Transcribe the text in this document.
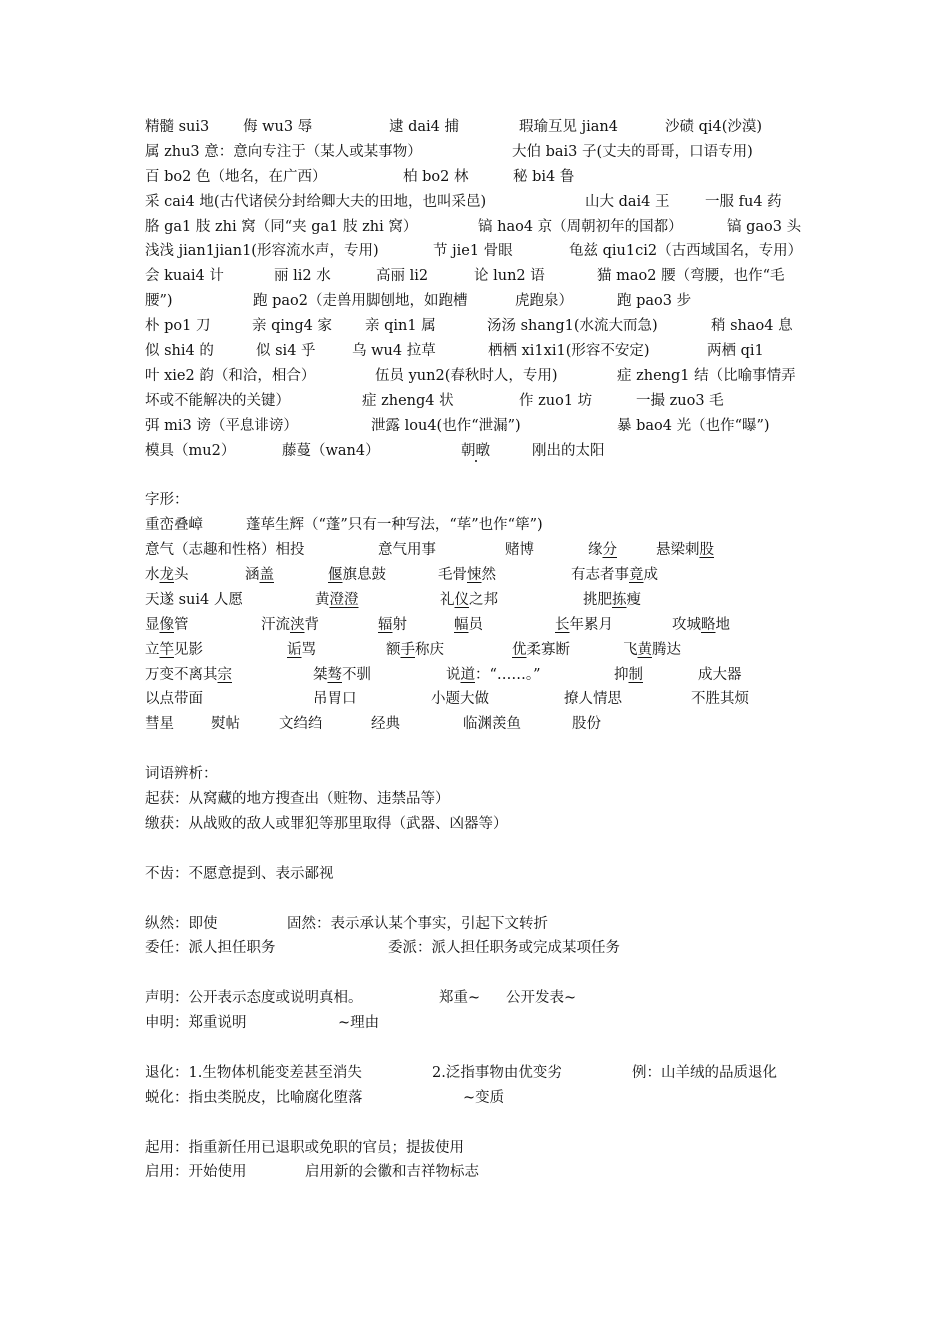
精髓 sui3 侮 wu3 辱	逮 dai4 捕	瑕瑜互见 jian4	沙碛 qi4(沙漠)
属 zhu3 意：意向专注于（某人或某事物）	大伯 bai3 子(丈夫的哥哥，口语专用)
百 bo2 色（地名，在广西）	柏 bo2 林	秘 bi4 鲁
采 cai4 地(古代诸侯分封给卿大夫的田地，也叫采邑)	山大 dai4 王 一服 fu4 药
胳 ga1 肢 zhi 窝（同“夹 ga1 肢 zhi 窝）	镐 hao4 京（周朝初年的国都）	镐 gao3 头
浅浅 jian1jian1(形容流水声，专用)	节 jie1 骨眼	龟兹 qiu1ci2（古西域国名，专用）
会 kuai4 计	丽 li2 水	高丽 li2	论 lun2 语	猫 mao2 腰（弯腰，也作“毛
腰”)	跑 pao2（走兽用脚刨地，如跑槽	虎跑泉）	跑 pao3 步
朴 po1 刀	亲 qing4 家 亲 qin1 属	汤汤 shang1(水流大而急)	稍 shao4 息
似 shi4 的	似 si4 乎	乌 wu4 拉草	栖栖 xi1xi1(形容不安定)	两栖 qi1
叶 xie2 韵（和洽，相合）	伍员 yun2(春秋时人，专用)	症 zheng1 结（比喻事情弄
坏或不能解决的关键）	症 zheng4 状	作 zuo1 坊	一撮 zuo3 毛
弭 mi3 谤（平息诽谤）	泄露 lou4(也作“泄漏”)	暴 bao4 光（也作“曝”)
模具（mu2）	藤蔓（wan4）	朝暾	刚出的太阳
字形：
重峦叠嶂	蓬荜生辉（“蓬”只有一种写法，“荜”也作“筚”)
意气（志趣和性格）相投	意气用事	赌博	缘分	悬梁刺股
水龙头	涵盖	偃旗息鼓	毛骨悚然	有志者事竟成
天遂 sui4 人愿	黄澄澄	礼仪之邦	挑肥拣瘦
显像管	汗流浃背	辐射	幅员	长年累月	攻城略地
立竿见影	诟骂	额手称庆	优柔寡断	飞黄腾达
万变不离其宗	桀骜不驯	说道：“……。”	抑制	成大器
以点带面	吊胃口	小题大做	撩人情思	不胜其烦
彗星	熨帖	文绉绉	经典	临渊羡鱼	股份
词语辨析：
起获：从窝藏的地方搜查出（赃物、违禁品等）
缴获：从战败的敌人或罪犯等那里取得（武器、凶器等）
不齿：不愿意提到、表示鄙视
纵然：即使	固然：表示承认某个事实，引起下文转折
委任：派人担任职务	委派：派人担任职务或完成某项任务
声明：公开表示态度或说明真相。	郑重~ 公开发表~
申明：郑重说明	~理由
退化：1.生物体机能变差甚至消失	2.泛指事物由优变劣	例：山羊绒的品质退化
蜕化：指虫类脱皮，比喻腐化堕落	~变质
起用：指重新任用已退职或免职的官员；提拔使用
启用：开始使用	启用新的会徽和吉祥物标志
